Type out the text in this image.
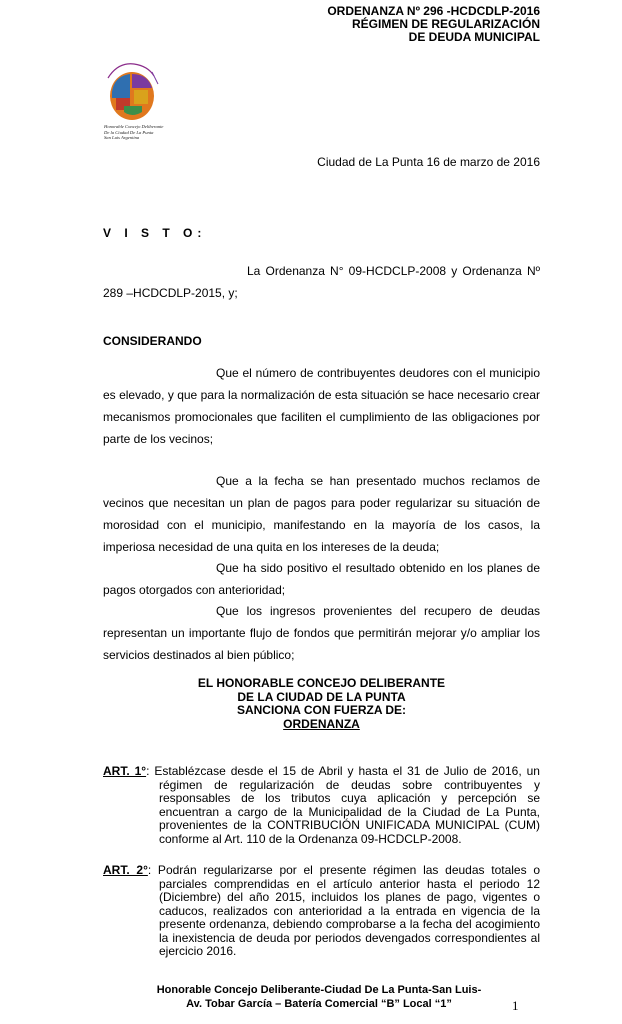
ORDENANZA Nº 296 -HCDCDLP-2016
RÉGIMEN DE REGULARIZACIÓN
DE DEUDA MUNICIPAL
Honorable Concejo Deliberante
De la Ciudad De La Punta
San Luis Argentina
Ciudad de La Punta 16 de marzo de 2016
V I S T O:
La Ordenanza N° 09-HCDCLP-2008 y Ordenanza Nº
289 –HCDCDLP-2015, y;
CONSIDERANDO
Que el número de contribuyentes deudores con el municipio
es elevado, y que para la normalización de esta situación se hace necesario crear mecanismos promocionales que faciliten el cumplimiento de las obligaciones por parte de los vecinos;
Que a la fecha se han presentado muchos reclamos de
vecinos que necesitan un plan de pagos para poder regularizar su situación de morosidad con el municipio, manifestando en la mayoría de los casos, la imperiosa necesidad de una quita en los intereses de la deuda;
Que ha sido positivo el resultado obtenido en los planes de
pagos otorgados con anterioridad;
Que los ingresos provenientes del recupero de deudas
representan un importante flujo de fondos que permitirán mejorar y/o ampliar los servicios destinados al bien público;
EL HONORABLE CONCEJO DELIBERANTE
DE LA CIUDAD DE LA PUNTA
SANCIONA CON FUERZA DE:
ORDENANZA
ART. 1°: Establézcase desde el 15 de Abril y hasta el 31 de Julio de 2016, un
régimen de regularización de deudas sobre contribuyentes y responsables de los tributos cuya aplicación y percepción se encuentran a cargo de la Municipalidad de la Ciudad de La Punta, provenientes de la CONTRIBUCIÓN UNIFICADA MUNICIPAL (CUM) conforme al Art. 110 de la Ordenanza 09-HCDCLP-2008.
ART. 2°: Podrán regularizarse por el presente régimen las deudas totales o
parciales comprendidas en el artículo anterior hasta el periodo 12 (Diciembre) del año 2015, incluidos los planes de pago, vigentes o caducos, realizados con anterioridad a la entrada en vigencia de la presente ordenanza, debiendo comprobarse a la fecha del acogimiento la inexistencia de deuda por periodos devengados correspondientes al ejercicio 2016.
Honorable Concejo Deliberante-Ciudad De La Punta-San Luis-
Av. Tobar García – Batería Comercial “B” Local “1”	1
